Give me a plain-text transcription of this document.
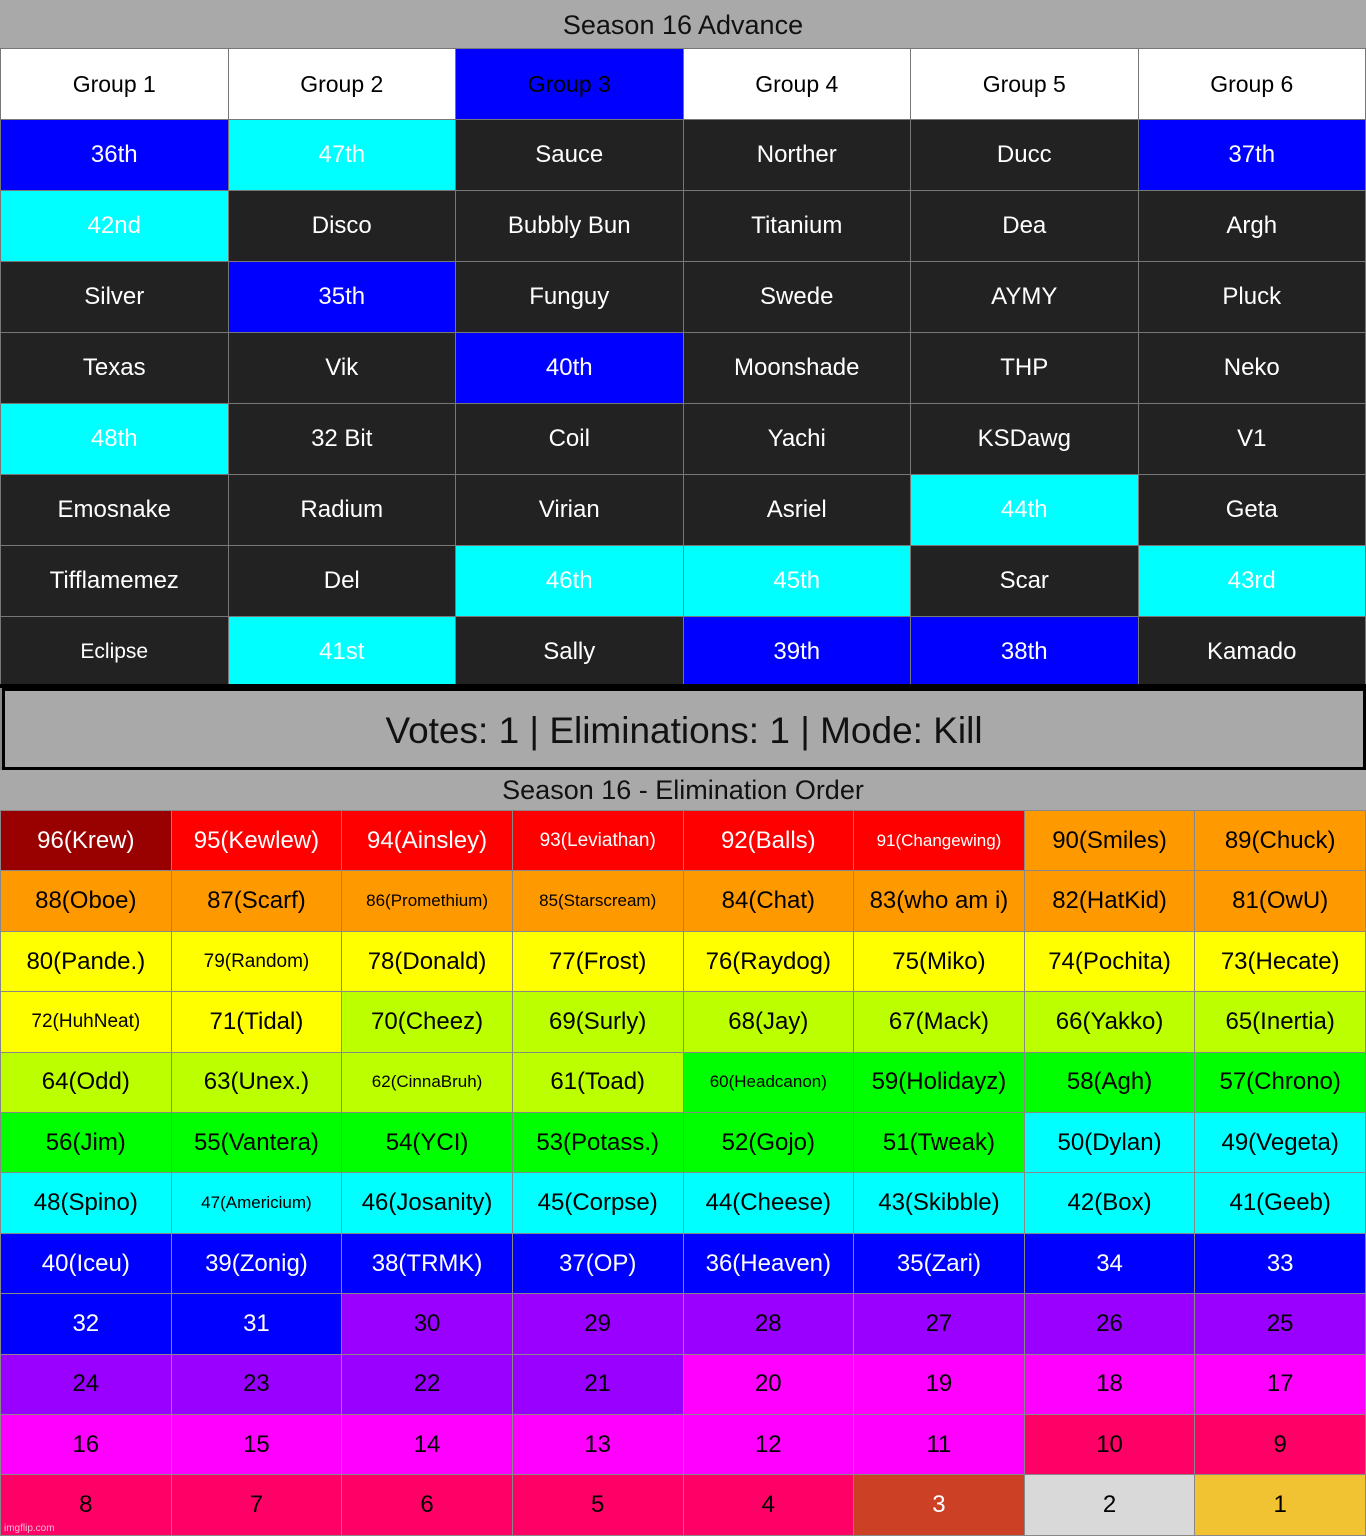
Season 16 Advance
Group 1	Group 2	Group 3	Group 4	Group 5	Group 6
36th	47th	Sauce	Norther	Ducc	37th
42nd	Disco	Bubbly Bun	Titanium	Dea	Argh
Silver	35th	Funguy	Swede	AYMY	Pluck
Texas	Vik	40th	Moonshade	THP	Neko
48th	32 Bit	Coil	Yachi	KSDawg	V1
Emosnake	Radium	Virian	Asriel	44th	Geta
Tifflamemez	Del	46th	45th	Scar	43rd
Eclipse	41st	Sally	39th	38th	Kamado
Votes: 1 | Eliminations: 1 | Mode: Kill
Season 16 - Elimination Order
96(Krew)	95(Kewlew)	94(Ainsley)	93(Leviathan)	92(Balls)	91(Changewing)	90(Smiles)	89(Chuck)
88(Oboe)	87(Scarf)	86(Promethium)	85(Starscream)	84(Chat)	83(who am i)	82(HatKid)	81(OwU)
80(Pande.)	79(Random)	78(Donald)	77(Frost)	76(Raydog)	75(Miko)	74(Pochita)	73(Hecate)
72(HuhNeat)	71(Tidal)	70(Cheez)	69(Surly)	68(Jay)	67(Mack)	66(Yakko)	65(Inertia)
64(Odd)	63(Unex.)	62(CinnaBruh)	61(Toad)	60(Headcanon)	59(Holidayz)	58(Agh)	57(Chrono)
56(Jim)	55(Vantera)	54(YCI)	53(Potass.)	52(Gojo)	51(Tweak)	50(Dylan)	49(Vegeta)
48(Spino)	47(Americium)	46(Josanity)	45(Corpse)	44(Cheese)	43(Skibble)	42(Box)	41(Geeb)
40(Iceu)	39(Zonig)	38(TRMK)	37(OP)	36(Heaven)	35(Zari)	34	33
32	31	30	29	28	27	26	25
24	23	22	21	20	19	18	17
16	15	14	13	12	11	10	9
8	7	6	5	4	3	2	1
imgflip.com
